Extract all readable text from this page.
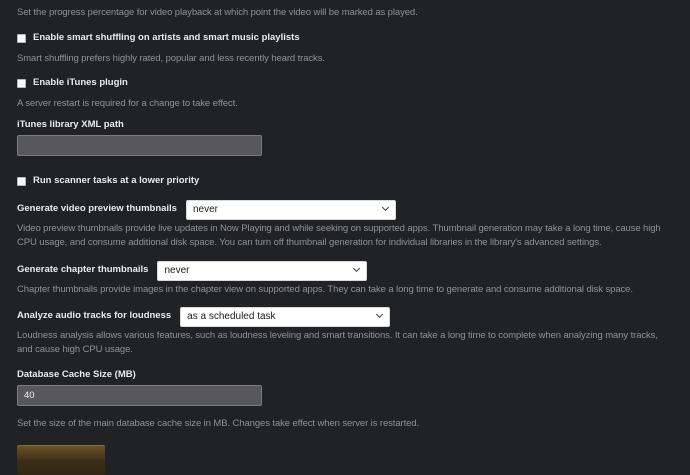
Set the progress percentage for video playback at which point the video will be marked as played.

Enable smart shuffling on artists and smart music playlists

Smart shuffling prefers highly rated, popular and less recently heard tracks.

Enable iTunes plugin

A server restart is required for a change to take effect.

iTunes library XML path
Run scanner tasks at a lower priority
Generate video preview thumbnails
never

Video preview thumbnails provide live updates in Now Playing and while seeking on supported apps. Thumbnail generation may take a long time, cause high CPU usage, and consume additional disk space. You can turn off thumbnail generation for individual libraries in the library's advanced settings.

Generate chapter thumbnails
never

Chapter thumbnails provide images in the chapter view on supported apps. They can take a long time to generate and consume additional disk space.

Analyze audio tracks for loudness
as a scheduled task

Loudness analysis allows various features, such as loudness leveling and smart transitions. It can take a long time to complete when analyzing many tracks, and cause high CPU usage.

Database Cache Size (MB)
40

Set the size of the main database cache size in MB. Changes take effect when server is restarted.
